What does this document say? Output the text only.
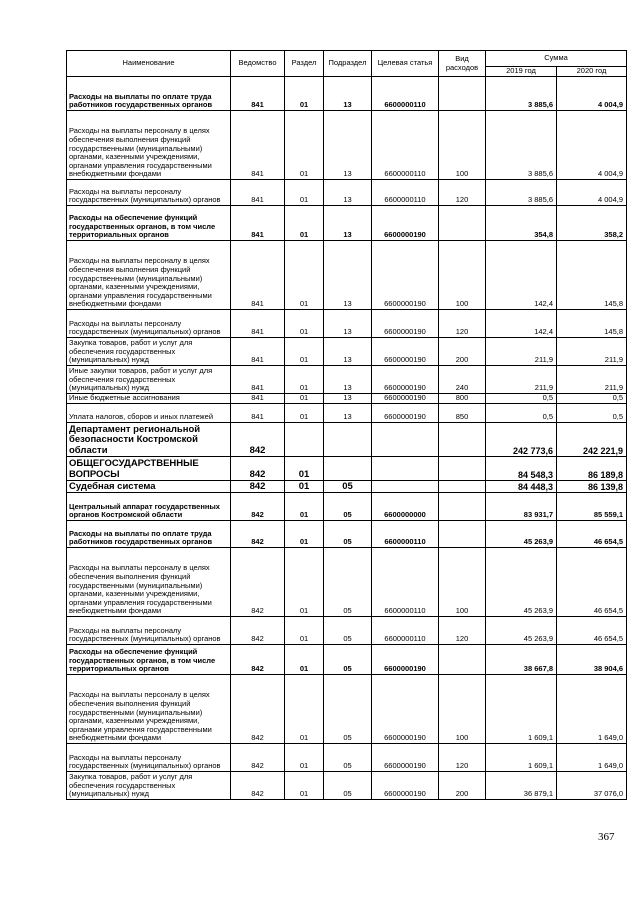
Наименование	Ведомство	Раздел	Подраздел	Целевая статья	Вид расходов	Сумма	
						2019 год	2020 год
Расходы на выплаты по оплате труда работников государственных органов	841	01	13	6600000110		3 885,6	4 004,9
Расходы на выплаты персоналу в целях обеспечения выполнения функций государственными (муниципальными) органами, казенными учреждениями, органами управления государственными внебюджетными фондами	841	01	13	6600000110	100	3 885,6	4 004,9
Расходы на выплаты персоналу государственных (муниципальных) органов	841	01	13	6600000110	120	3 885,6	4 004,9
Расходы на обеспечение функций государственных органов, в том числе территориальных органов	841	01	13	6600000190		354,8	358,2
Расходы на выплаты персоналу в целях обеспечения выполнения функций государственными (муниципальными) органами, казенными учреждениями, органами управления государственными внебюджетными фондами	841	01	13	6600000190	100	142,4	145,8
Расходы на выплаты персоналу государственных (муниципальных) органов	841	01	13	6600000190	120	142,4	145,8
Закупка товаров, работ и услуг для обеспечения государственных (муниципальных) нужд	841	01	13	6600000190	200	211,9	211,9
Иные закупки товаров, работ и услуг для обеспечения государственных (муниципальных) нужд	841	01	13	6600000190	240	211,9	211,9
Иные бюджетные ассигнования	841	01	13	6600000190	800	0,5	0,5
Уплата налогов, сборов и иных платежей	841	01	13	6600000190	850	0,5	0,5
Департамент региональной безопасности Костромской области	842					242 773,6	242 221,9
ОБЩЕГОСУДАРСТВЕННЫЕ ВОПРОСЫ	842	01				84 548,3	86 189,8
Судебная система	842	01	05			84 448,3	86 139,8
Центральный аппарат государственных органов Костромской области	842	01	05	6600000000		83 931,7	85 559,1
Расходы на выплаты по оплате труда работников государственных органов	842	01	05	6600000110		45 263,9	46 654,5
Расходы на выплаты персоналу в целях обеспечения выполнения функций государственными (муниципальными) органами, казенными учреждениями, органами управления государственными внебюджетными фондами	842	01	05	6600000110	100	45 263,9	46 654,5
Расходы на выплаты персоналу государственных (муниципальных) органов	842	01	05	6600000110	120	45 263,9	46 654,5
Расходы на обеспечение функций государственных органов, в том числе территориальных органов	842	01	05	6600000190		38 667,8	38 904,6
Расходы на выплаты персоналу в целях обеспечения выполнения функций государственными (муниципальными) органами, казенными учреждениями, органами управления государственными внебюджетными фондами	842	01	05	6600000190	100	1 609,1	1 649,0
Расходы на выплаты персоналу государственных (муниципальных) органов	842	01	05	6600000190	120	1 609,1	1 649,0
Закупка товаров, работ и услуг для обеспечения государственных (муниципальных) нужд	842	01	05	6600000190	200	36 879,1	37 076,0
367
